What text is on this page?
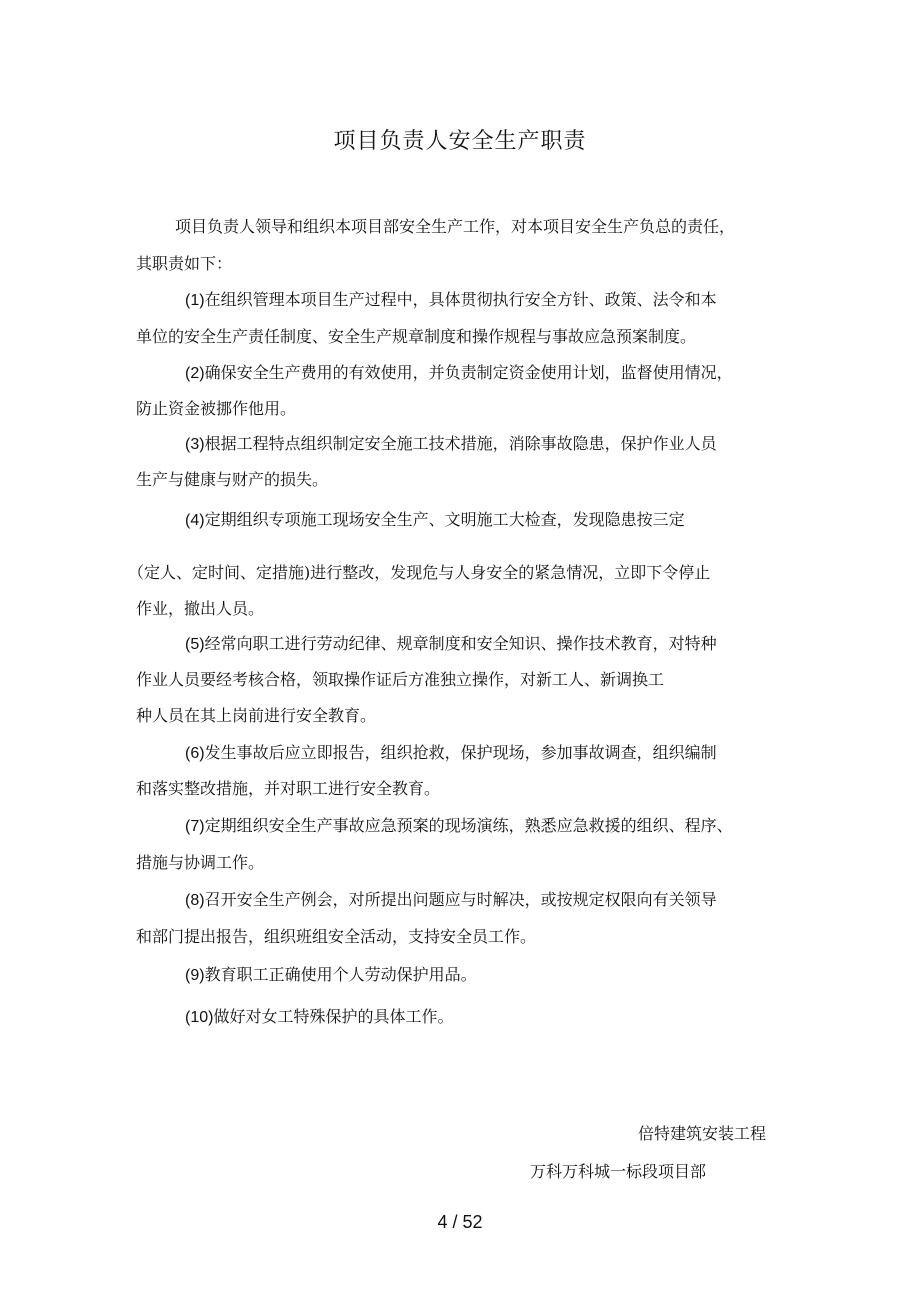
项目负责人安全生产职责
项目负责人领导和组织本项目部安全生产工作，对本项目安全生产负总的责任，
其职责如下：
(1)在组织管理本项目生产过程中，具体贯彻执行安全方针、政策、法令和本
单位的安全生产责任制度、安全生产规章制度和操作规程与事故应急预案制度。
(2)确保安全生产费用的有效使用，并负责制定资金使用计划，监督使用情况，
防止资金被挪作他用。
(3)根据工程特点组织制定安全施工技术措施，消除事故隐患，保护作业人员
生产与健康与财产的损失。
(4)定期组织专项施工现场安全生产、文明施工大检查，发现隐患按三定
（定人、定时间、定措施)进行整改，发现危与人身安全的紧急情况，立即下令停止
作业，撤出人员。
(5)经常向职工进行劳动纪律、规章制度和安全知识、操作技术教育，对特种
作业人员要经考核合格，领取操作证后方准独立操作，对新工人、新调换工
种人员在其上岗前进行安全教育。
(6)发生事故后应立即报告，组织抢救，保护现场，参加事故调查，组织编制
和落实整改措施，并对职工进行安全教育。
(7)定期组织安全生产事故应急预案的现场演练，熟悉应急救援的组织、程序、
措施与协调工作。
(8)召开安全生产例会，对所提出问题应与时解决，或按规定权限向有关领导
和部门提出报告，组织班组安全活动，支持安全员工作。
(9)教育职工正确使用个人劳动保护用品。
(10)做好对女工特殊保护的具体工作。
倍特建筑安装工程
万科万科城一标段项目部
4 / 52
